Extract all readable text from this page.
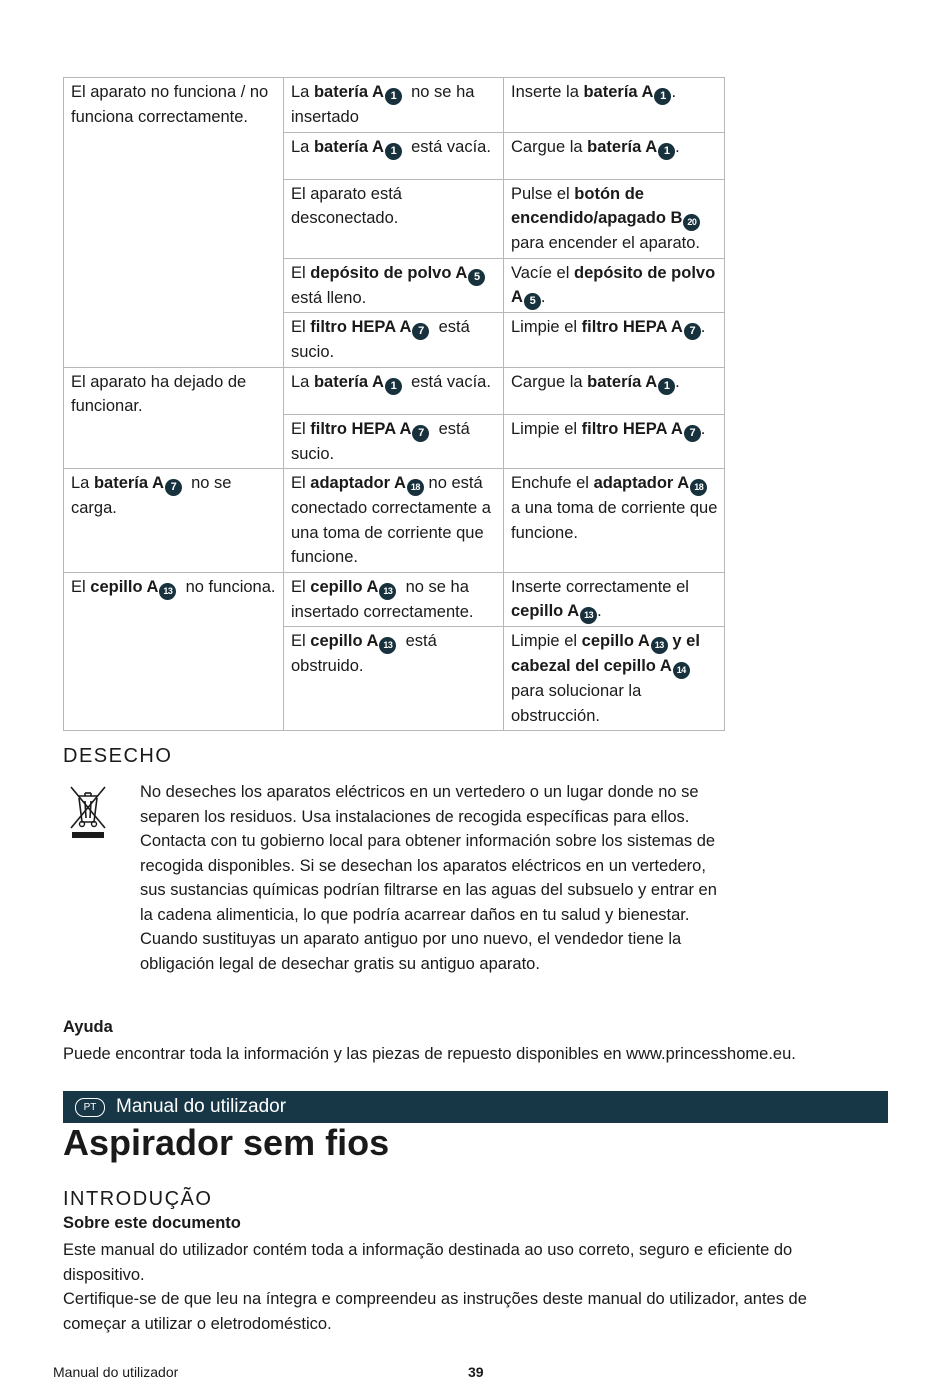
El aparato no funciona / no funciona correctamente.	La batería A 1 no se ha insertado	Inserte la batería A 1 .
	La batería A 1 está vacía.	Cargue la batería A 1 .
	El aparato está desconectado.	Pulse el botón de encendido/apagado B 20 para encender el aparato.
	El depósito de polvo A 5 está lleno.	Vacíe el depósito de polvo A 5 .
	El filtro HEPA A 7 está sucio.	Limpie el filtro HEPA A 7 .
El aparato ha dejado de funcionar.	La batería A 1 está vacía.	Cargue la batería A 1 .
	El filtro HEPA A 7 está sucio.	Limpie el filtro HEPA A 7 .
La batería A 7 no se carga.	El adaptador A 18 no está conectado correctamente a una toma de corriente que funcione.	Enchufe el adaptador A 18 a una toma de corriente que funcione.
El cepillo A 13 no funciona.	El cepillo A 13 no se ha insertado correctamente.	Inserte correctamente el cepillo A 13 .
	El cepillo A 13 está obstruido.	Limpie el cepillo A 13 y el cabezal del cepillo A 14 para solucionar la obstrucción.
DESECHO

No deseches los aparatos eléctricos en un vertedero o un lugar donde no se separen los residuos. Usa instalaciones de recogida específicas para ellos. Contacta con tu gobierno local para obtener información sobre los sistemas de recogida disponibles. Si se desechan los aparatos eléctricos en un vertedero, sus sustancias químicas podrían filtrarse en las aguas del subsuelo y entrar en la cadena alimenticia, lo que podría acarrear daños en tu salud y bienestar. Cuando sustituyas un aparato antiguo por uno nuevo, el vendedor tiene la obligación legal de desechar gratis su antiguo aparato.

Ayuda

Puede encontrar toda la información y las piezas de repuesto disponibles en www.princesshome.eu.

PT	Manual do utilizador
Aspirador sem fios
INTRODUÇÃO

Sobre este documento

Este manual do utilizador contém toda a informação destinada ao uso correto, seguro e eficiente do dispositivo.

Certifique-se de que leu na íntegra e compreendeu as instruções deste manual do utilizador, antes de começar a utilizar o eletrodoméstico.

Manual do utilizador	39
